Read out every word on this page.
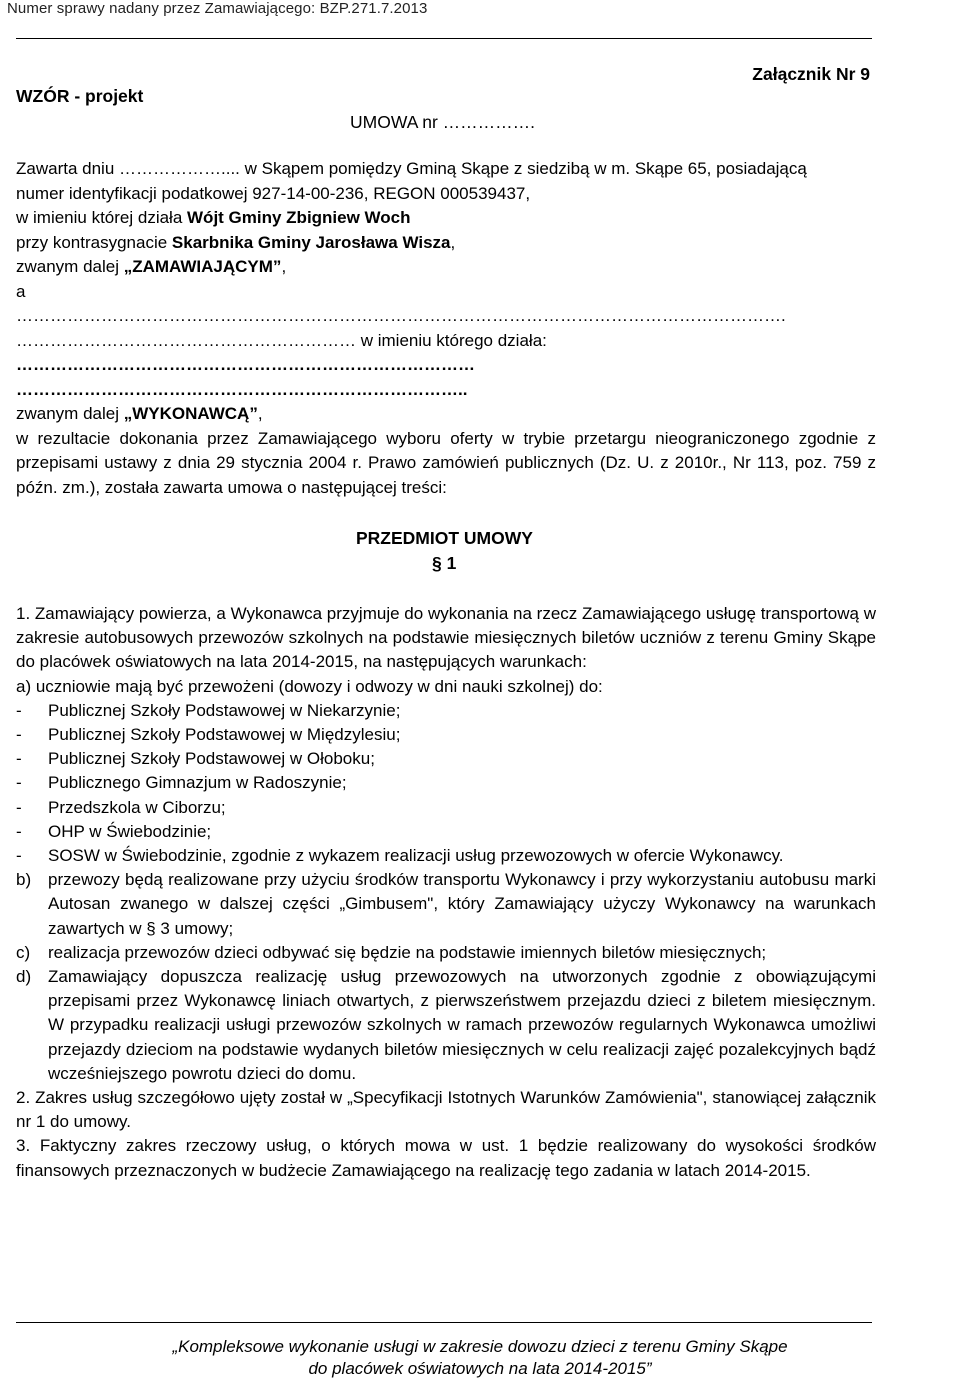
Numer sprawy nadany przez Zamawiającego: BZP.271.7.2013
Załącznik Nr 9
WZÓR - projekt
UMOWA nr …………….
Zawarta dniu ……………….... w Skąpem pomiędzy Gminą Skąpe z siedzibą w m. Skąpe 65, posiadającą
numer identyfikacji podatkowej 927-14-00-236, REGON 000539437,
w imieniu której działa Wójt Gminy Zbigniew Woch
przy kontrasygnacie Skarbnika Gminy Jarosława Wisza,
zwanym dalej „ZAMAWIAJĄCYM”,
a
……………………………………………………………………………………………………………………….
…………………………………………………… w imieniu którego działa:
………………………………………………………………………
……………………………………………………………………..
zwanym dalej „WYKONAWCĄ”,
w rezultacie dokonania przez Zamawiającego wyboru oferty w trybie przetargu nieograniczonego zgodnie z przepisami ustawy z dnia 29 stycznia 2004 r. Prawo zamówień publicznych (Dz. U. z 2010r., Nr 113, poz. 759 z późn. zm.), została zawarta umowa o następującej treści:
PRZEDMIOT UMOWY
§ 1
1. Zamawiający powierza, a Wykonawca przyjmuje do wykonania na rzecz Zamawiającego usługę transportową w zakresie autobusowych przewozów szkolnych na podstawie miesięcznych biletów uczniów z terenu Gminy Skąpe do placówek oświatowych na lata 2014-2015, na następujących warunkach:
a) uczniowie mają być przewożeni (dowozy i odwozy w dni nauki szkolnej) do:
-	Publicznej Szkoły Podstawowej w Niekarzynie;
-	Publicznej Szkoły Podstawowej w Międzylesiu;
-	Publicznej Szkoły Podstawowej w Ołoboku;
-	Publicznego Gimnazjum w Radoszynie;
-	Przedszkola w Ciborzu;
-	OHP w Świebodzinie;
-	SOSW w Świebodzinie, zgodnie z wykazem realizacji usług przewozowych w ofercie Wykonawcy.
b) przewozy będą realizowane przy użyciu środków transportu Wykonawcy i przy wykorzystaniu autobusu marki Autosan zwanego w dalszej części „Gimbusem", który Zamawiający użyczy Wykonawcy na warunkach zawartych w § 3 umowy;
c)	realizacja przewozów dzieci odbywać się będzie na podstawie imiennych biletów miesięcznych;
d) Zamawiający dopuszcza realizację usług przewozowych na utworzonych zgodnie z obowiązującymi przepisami przez Wykonawcę liniach otwartych, z pierwszeństwem przejazdu dzieci z biletem miesięcznym. W przypadku realizacji usługi przewozów szkolnych w ramach przewozów regularnych Wykonawca umożliwi przejazdy dzieciom na podstawie wydanych biletów miesięcznych w celu realizacji zajęć pozalekcyjnych bądź wcześniejszego powrotu dzieci do domu.
2. Zakres usług szczegółowo ujęty został w „Specyfikacji Istotnych Warunków Zamówienia", stanowiącej załącznik nr 1 do umowy.
3. Faktyczny zakres rzeczowy usług, o których mowa w ust. 1 będzie realizowany do wysokości środków finansowych przeznaczonych w budżecie Zamawiającego na realizację tego zadania w latach 2014-2015.
„Kompleksowe wykonanie usługi w zakresie dowozu dzieci z terenu Gminy Skąpe
do placówek oświatowych na lata 2014-2015”
